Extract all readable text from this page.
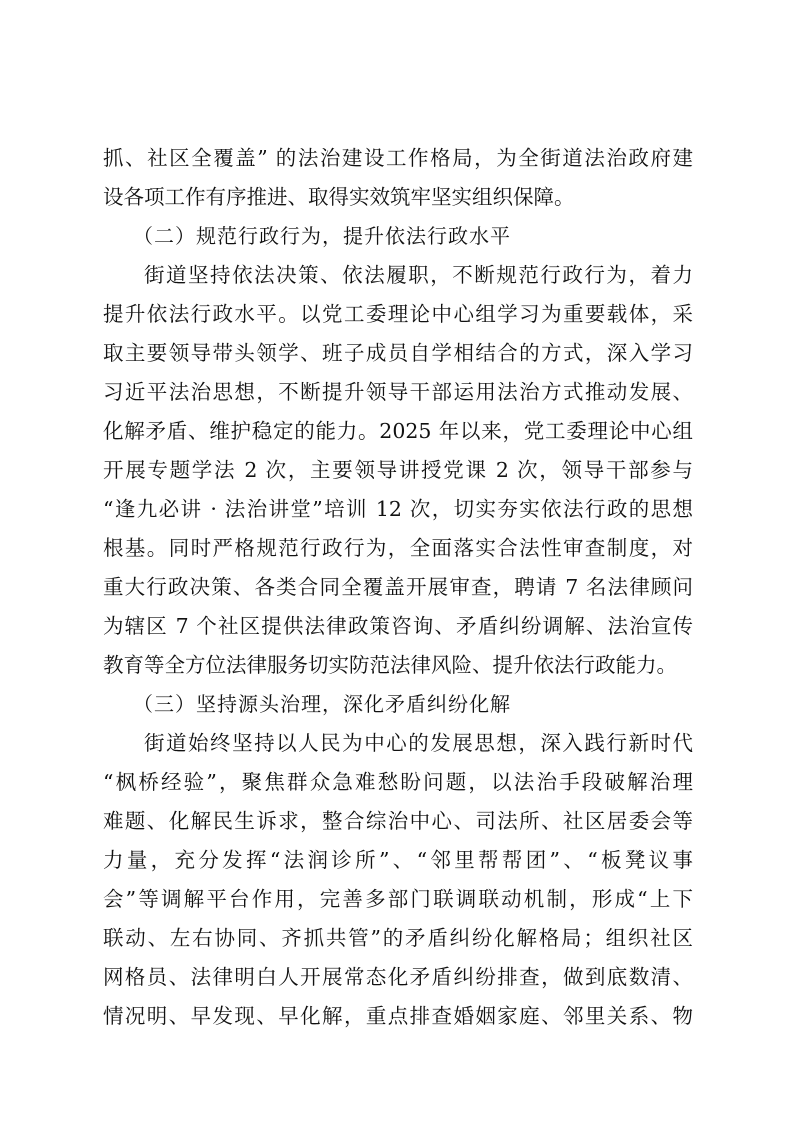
抓、社区全覆盖” 的法治建设工作格局，为全街道法治政府建
设各项工作有序推进、取得实效筑牢坚实组织保障。
（二）规范行政行为，提升依法行政水平
街道坚持依法决策、依法履职，不断规范行政行为，着力
提升依法行政水平。以党工委理论中心组学习为重要载体，采
取主要领导带头领学、班子成员自学相结合的方式，深入学习
习近平法治思想，不断提升领导干部运用法治方式推动发展、
化解矛盾、维护稳定的能力。2025 年以来，党工委理论中心组
开展专题学法 2 次，主要领导讲授党课 2 次，领导干部参与
“逢九必讲 · 法治讲堂”培训 12 次，切实夯实依法行政的思想
根基。同时严格规范行政行为，全面落实合法性审查制度，对
重大行政决策、各类合同全覆盖开展审查，聘请 7 名法律顾问
为辖区 7 个社区提供法律政策咨询、矛盾纠纷调解、法治宣传
教育等全方位法律服务切实防范法律风险、提升依法行政能力。
（三）坚持源头治理，深化矛盾纠纷化解
街道始终坚持以人民为中心的发展思想，深入践行新时代
“枫桥经验”，聚焦群众急难愁盼问题，以法治手段破解治理
难题、化解民生诉求，整合综治中心、司法所、社区居委会等
力量，充分发挥“法润诊所”、“邻里帮帮团”、“板凳议事
会”等调解平台作用，完善多部门联调联动机制，形成“上下
联动、左右协同、齐抓共管”的矛盾纠纷化解格局；组织社区
网格员、法律明白人开展常态化矛盾纠纷排查，做到底数清、
情况明、早发现、早化解，重点排查婚姻家庭、邻里关系、物
